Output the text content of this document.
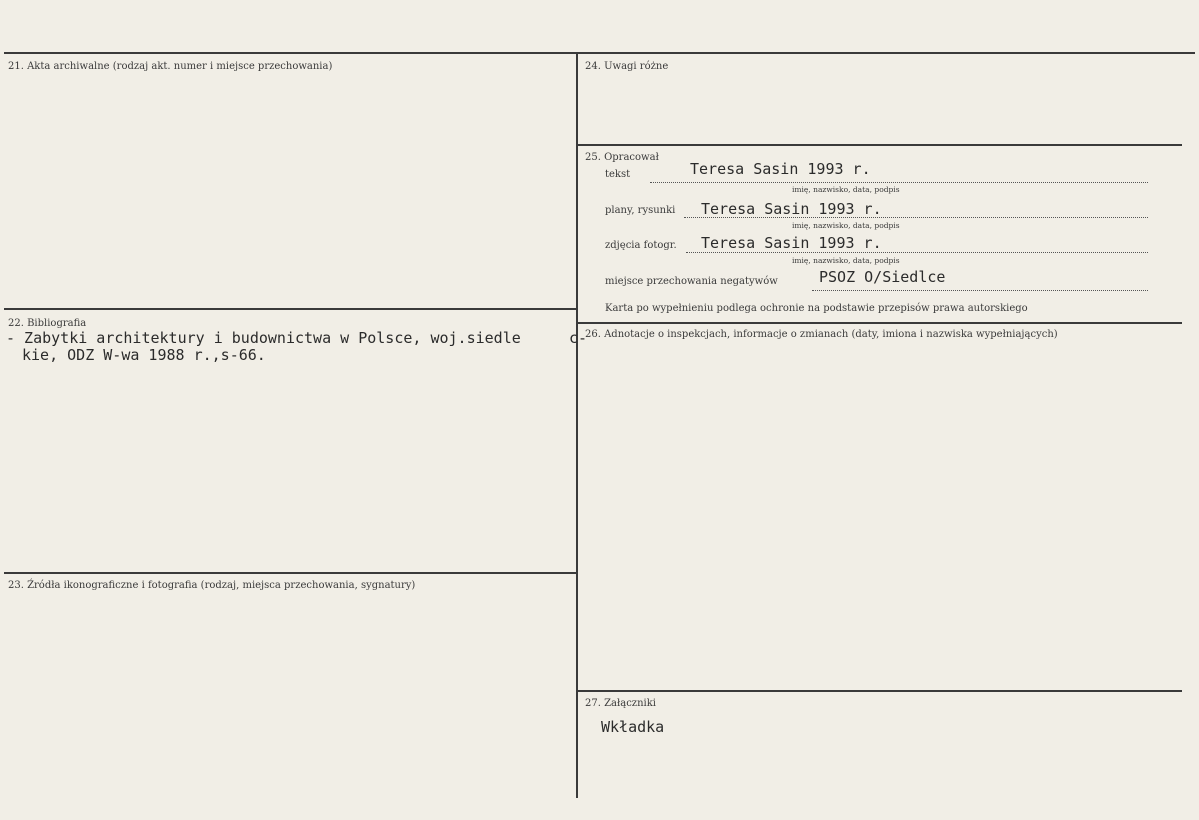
21. Akta archiwalne (rodzaj akt. numer i miejsce przechowania)
22. Bibliografia
- Zabytki architektury i budownictwa w Polsce, woj.siedle	c-
kie, ODZ W-wa 1988 r.,s-66.
23. Źródła ikonograficzne i fotografia (rodzaj, miejsca przechowania, sygnatury)
24. Uwagi różne
25. Opracował
tekst	Teresa Sasin 1993 r.
imię, nazwisko, data, podpis
plany, rysunki Teresa Sasin 1993 r.
imię, nazwisko, data, podpis
zdjęcia fotogr. Teresa Sasin 1993 r.
imię, nazwisko, data, podpis
miejsce przechowania negatywów	PSOZ O/Siedlce
Karta po wypełnieniu podlega ochronie na podstawie przepisów prawa autorskiego
26. Adnotacje o inspekcjach, informacje o zmianach (daty, imiona i nazwiska wypełniających)
27. Załączniki
Wkładka
